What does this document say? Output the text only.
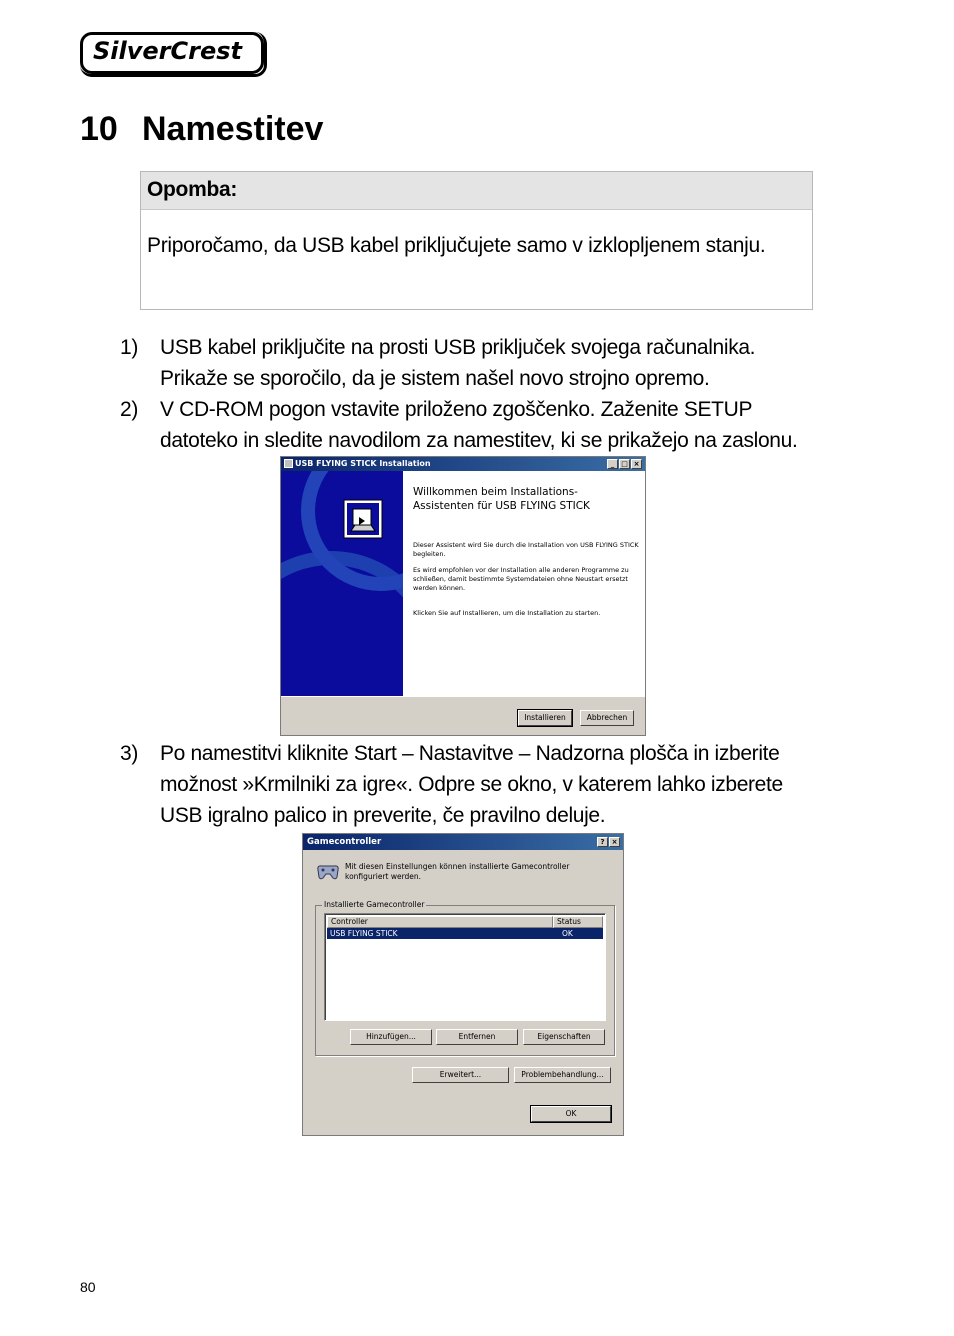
SilverCrest
10 Namestitev
Opomba:
Priporočamo, da USB kabel priključujete samo v izklopljenem stanju.
1) USB kabel priključite na prosti USB priključek svojega računalnika.
Prikaže se sporočilo, da je sistem našel novo strojno opremo.
2) V CD-ROM pogon vstavite priloženo zgoščenko. Zaženite SETUP
datoteko in sledite navodilom za namestitev, ki se prikažejo na zaslonu.
USB FLYING STICK Installation	_ □ ×
Willkommen beim Installations-
Assistenten für USB FLYING STICK
Dieser Assistent wird Sie durch die Installation von USB FLYING STICK begleiten.
Es wird empfohlen vor der Installation alle anderen Programme zu schließen, damit bestimmte Systemdateien ohne Neustart ersetzt werden können.
Klicken Sie auf Installieren, um die Installation zu starten.
Installieren	Abbrechen
3) Po namestitvi kliknite Start – Nastavitve – Nadzorna plošča in izberite
možnost »Krmilniki za igre«. Odpre se okno, v katerem lahko izberete
USB igralno palico in preverite, če pravilno deluje.
Gamecontroller	?	×
Mit diesen Einstellungen können installierte Gamecontroller konfiguriert werden.
Installierte Gamecontroller
Controller	Status
USB FLYING STICK	OK
Hinzufügen...	Entfernen	Eigenschaften
Erweitert...	Problembehandlung...
OK
80
